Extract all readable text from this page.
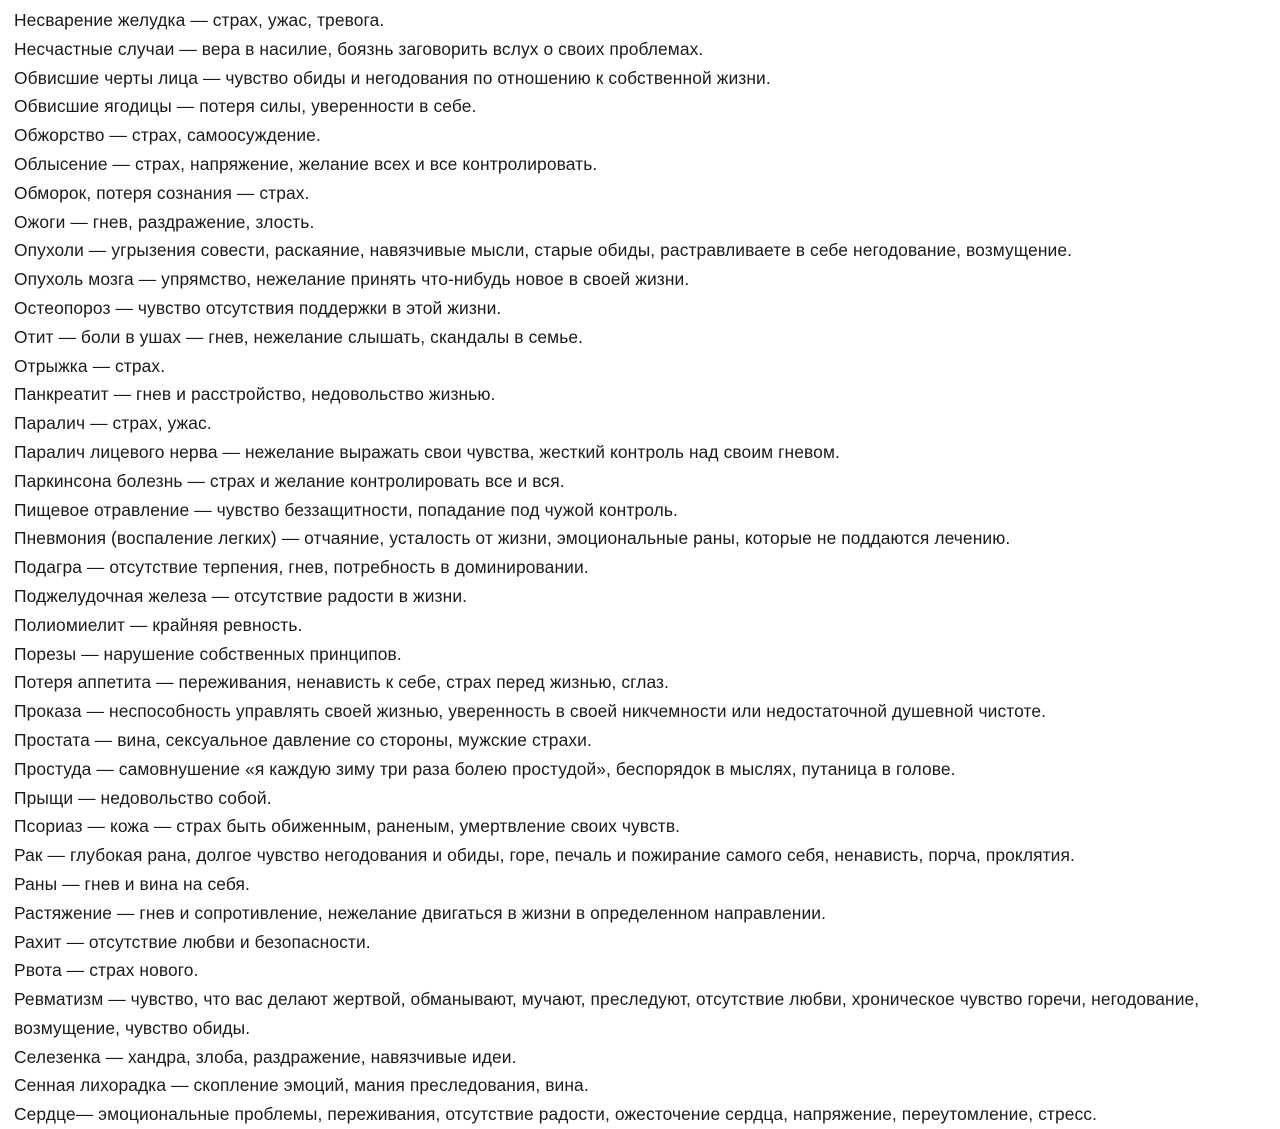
Несварение желудка — страх, ужас, тревога.

Несчастные случаи — вера в насилие, боязнь заговорить вслух о своих проблемах.

Обвисшие черты лица — чувство обиды и негодования по отношению к собственной жизни.

Обвисшие ягодицы — потеря силы, уверенности в себе.

Обжорство — страх, самоосуждение.

Облысение — страх, напряжение, желание всех и все контролировать.

Обморок, потеря сознания — страх.

Ожоги — гнев, раздражение, злость.

Опухоли — угрызения совести, раскаяние, навязчивые мысли, старые обиды, растравливаете в себе негодование, возмущение.

Опухоль мозга — упрямство, нежелание принять что-нибудь новое в своей жизни.

Остеопороз — чувство отсутствия поддержки в этой жизни.

Отит — боли в ушах — гнев, нежелание слышать, скандалы в семье.

Отрыжка — страх.

Панкреатит — гнев и расстройство, недовольство жизнью.

Паралич — страх, ужас.

Паралич лицевого нерва — нежелание выражать свои чувства, жесткий контроль над своим гневом.

Паркинсона болезнь — страх и желание контролировать все и вся.

Пищевое отравление — чувство беззащитности, попадание под чужой контроль.

Пневмония (воспаление легких) — отчаяние, усталость от жизни, эмоциональные раны, которые не поддаются лечению.

Подагра — отсутствие терпения, гнев, потребность в доминировании.

Поджелудочная железа — отсутствие радости в жизни.

Полиомиелит — крайняя ревность.

Порезы — нарушение собственных принципов.

Потеря аппетита — переживания, ненависть к себе, страх перед жизнью, сглаз.

Проказа — неспособность управлять своей жизнью, уверенность в своей никчемности или недостаточной душевной чистоте.

Простата — вина, сексуальное давление со стороны, мужские страхи.

Простуда — самовнушение «я каждую зиму три раза болею простудой», беспорядок в мыслях, путаница в голове.

Прыщи — недовольство собой.

Псориаз — кожа — страх быть обиженным, раненым, умертвление своих чувств.

Рак — глубокая рана, долгое чувство негодования и обиды, горе, печаль и пожирание самого себя, ненависть, порча, проклятия.

Раны — гнев и вина на себя.

Растяжение — гнев и сопротивление, нежелание двигаться в жизни в определенном направлении.

Рахит — отсутствие любви и безопасности.

Рвота — страх нового.

Ревматизм — чувство, что вас делают жертвой, обманывают, мучают, преследуют, отсутствие любви, хроническое чувство горечи, негодование, возмущение, чувство обиды.

Селезенка — хандра, злоба, раздражение, навязчивые идеи.

Сенная лихорадка — скопление эмоций, мания преследования, вина.

Сердце— эмоциональные проблемы, переживания, отсутствие радости, ожесточение сердца, напряжение, переутомление, стресс.
